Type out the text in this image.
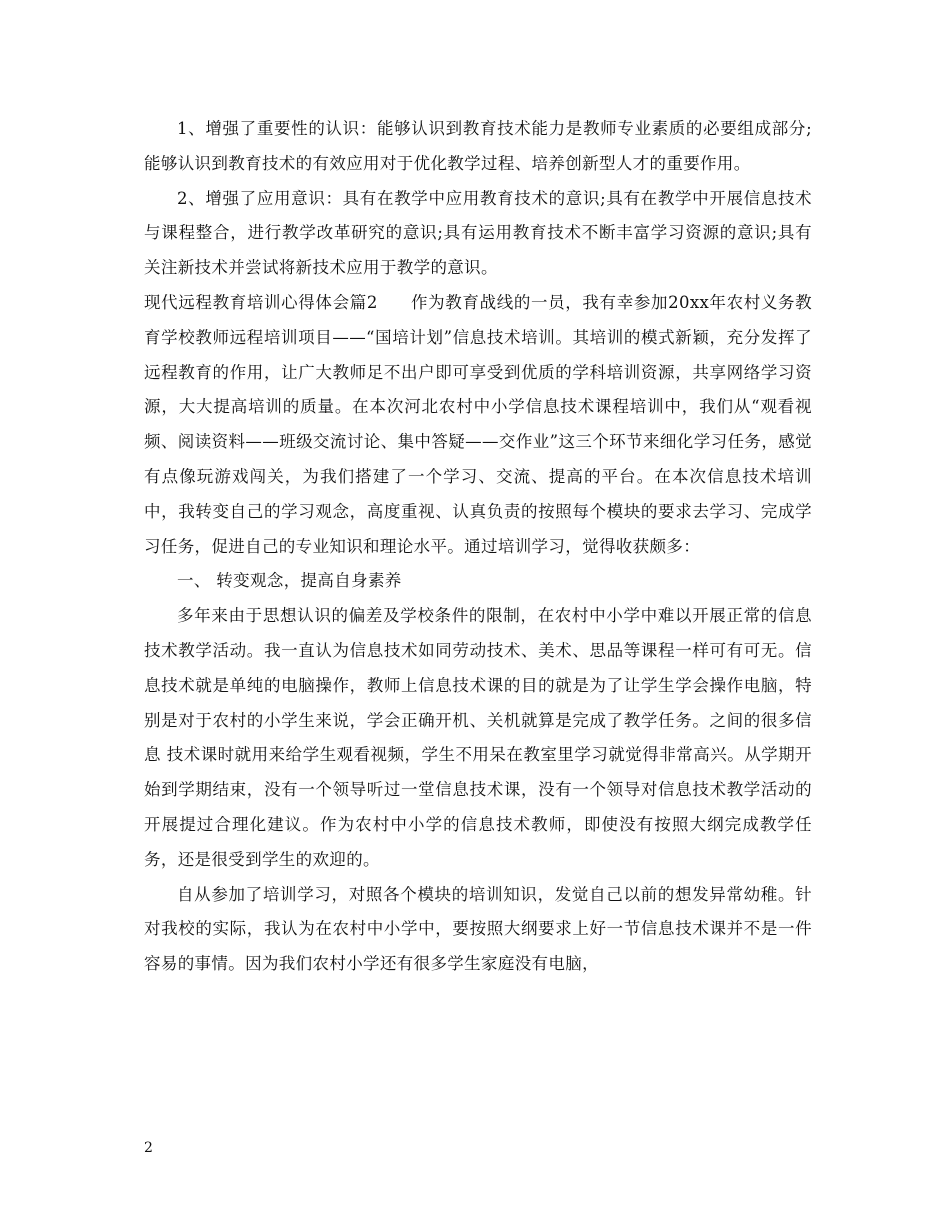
1、增强了重要性的认识：能够认识到教育技术能力是教师专业素质的必要组成部分;能够认识到教育技术的有效应用对于优化教学过程、培养创新型人才的重要作用。

2、增强了应用意识：具有在教学中应用教育技术的意识;具有在教学中开展信息技术与课程整合，进行教学改革研究的意识;具有运用教育技术不断丰富学习资源的意识;具有关注新技术并尝试将新技术应用于教学的意识。

现代远程教育培训心得体会篇2 作为教育战线的一员，我有幸参加20xx年农村义务教育学校教师远程培训项目——“国培计划”信息技术培训。其培训的模式新颖，充分发挥了远程教育的作用，让广大教师足不出户即可享受到优质的学科培训资源，共享网络学习资源，大大提高培训的质量。在本次河北农村中小学信息技术课程培训中，我们从“观看视频、阅读资料——班级交流讨论、集中答疑——交作业”这三个环节来细化学习任务，感觉有点像玩游戏闯关，为我们搭建了一个学习、交流、提高的平台。在本次信息技术培训中，我转变自己的学习观念，高度重视、认真负责的按照每个模块的要求去学习、完成学习任务，促进自己的专业知识和理论水平。通过培训学习，觉得收获颇多：

一、 转变观念，提高自身素养

多年来由于思想认识的偏差及学校条件的限制，在农村中小学中难以开展正常的信息技术教学活动。我一直认为信息技术如同劳动技术、美术、思品等课程一样可有可无。信息技术就是单纯的电脑操作，教师上信息技术课的目的就是为了让学生学会操作电脑，特别是对于农村的小学生来说，学会正确开机、关机就算是完成了教学任务。之间的很多信息 技术课时就用来给学生观看视频，学生不用呆在教室里学习就觉得非常高兴。从学期开始到学期结束，没有一个领导听过一堂信息技术课，没有一个领导对信息技术教学活动的开展提过合理化建议。作为农村中小学的信息技术教师，即使没有按照大纲完成教学任务，还是很受到学生的欢迎的。

自从参加了培训学习，对照各个模块的培训知识，发觉自己以前的想发异常幼稚。针对我校的实际，我认为在农村中小学中，要按照大纲要求上好一节信息技术课并不是一件容易的事情。因为我们农村小学还有很多学生家庭没有电脑，

2
